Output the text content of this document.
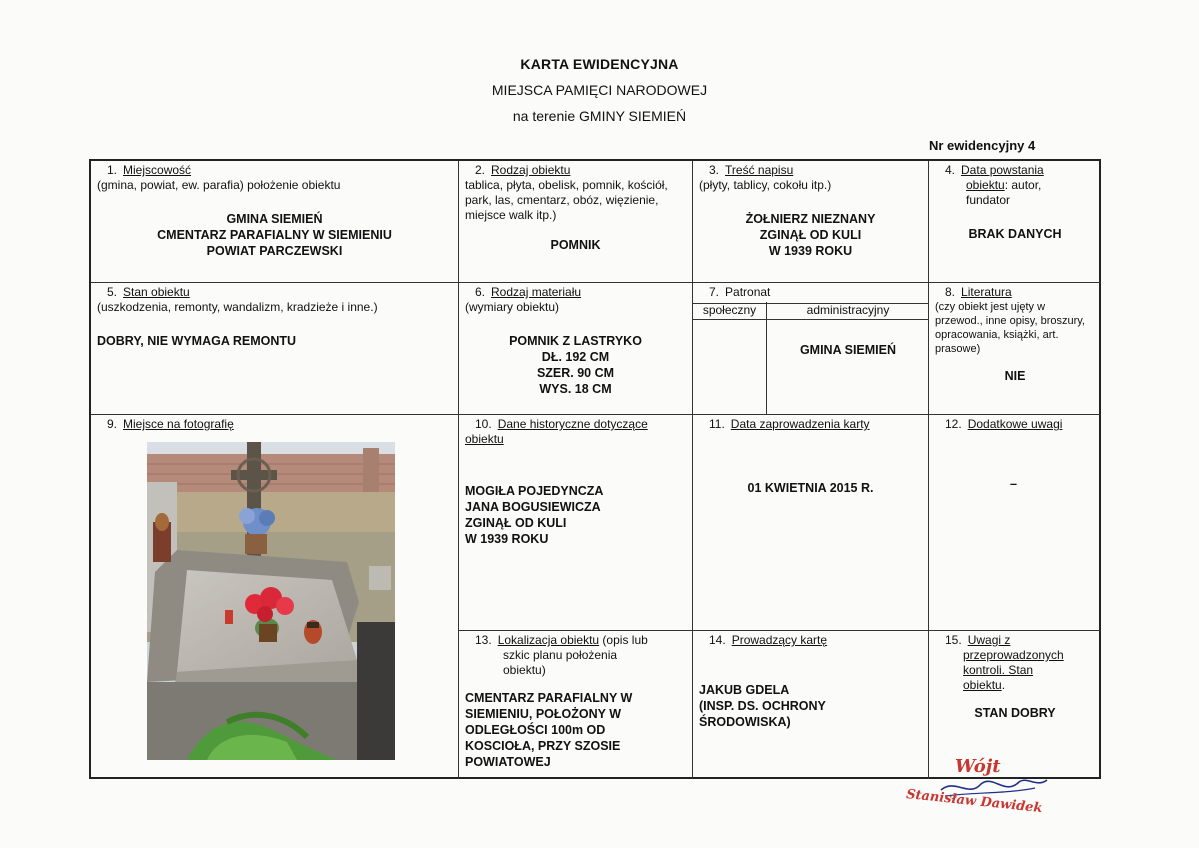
KARTA EWIDENCYJNA
MIEJSCA PAMIĘCI NARODOWEJ
na terenie GMINY SIEMIEŃ
Nr ewidencyjny 4
1. Miejscowość
(gmina, powiat, ew. parafia) położenie obiektu
GMINA SIEMIEŃ
CMENTARZ PARAFIALNY W SIEMIENIU
POWIAT PARCZEWSKI
2. Rodzaj obiektu
tablica, płyta, obelisk, pomnik, kościół, park, las, cmentarz, obóz, więzienie, miejsce walk itp.)
POMNIK
3. Treść napisu
(płyty, tablicy, cokołu itp.)
ŻOŁNIERZ NIEZNANY
ZGINĄŁ OD KULI
W 1939 ROKU
4. Data powstania
obiektu: autor,
fundator
BRAK DANYCH
5. Stan obiektu
(uszkodzenia, remonty, wandalizm, kradzieże i inne.)
DOBRY, NIE WYMAGA REMONTU
6. Rodzaj materiału
(wymiary obiektu)
POMNIK Z LASTRYKO
DŁ. 192 CM
SZER. 90 CM
WYS. 18 CM
7. Patronat
społeczny	administracyjny
GMINA SIEMIEŃ
8. Literatura
(czy obiekt jest ujęty w przewod., inne opisy, broszury, opracowania, książki, art. prasowe)
NIE
9. Miejsce na fotografię	10. Dane historyczne dotyczące obiektu
MOGIŁA POJEDYNCZA
JANA BOGUSIEWICZA
ZGINĄŁ OD KULI
W 1939 ROKU
11. Data zaprowadzenia karty
01 KWIETNIA 2015 R.
12. Dodatkowe uwagi
–
13. Lokalizacja obiektu (opis lub
szkic planu położenia
obiektu)
CMENTARZ PARAFIALNY W
SIEMIENIU, POŁOŻONY W
ODLEGŁOŚCI 100m OD
KOSCIOŁA, PRZY SZOSIE
POWIATOWEJ
14. Prowadzący kartę
JAKUB GDELA
(INSP. DS. OCHRONY
ŚRODOWISKA)
15. Uwagi z
przeprowadzonych
kontroli. Stan
obiektu.
STAN DOBRY
Wójt
Stanisław Dawidek
